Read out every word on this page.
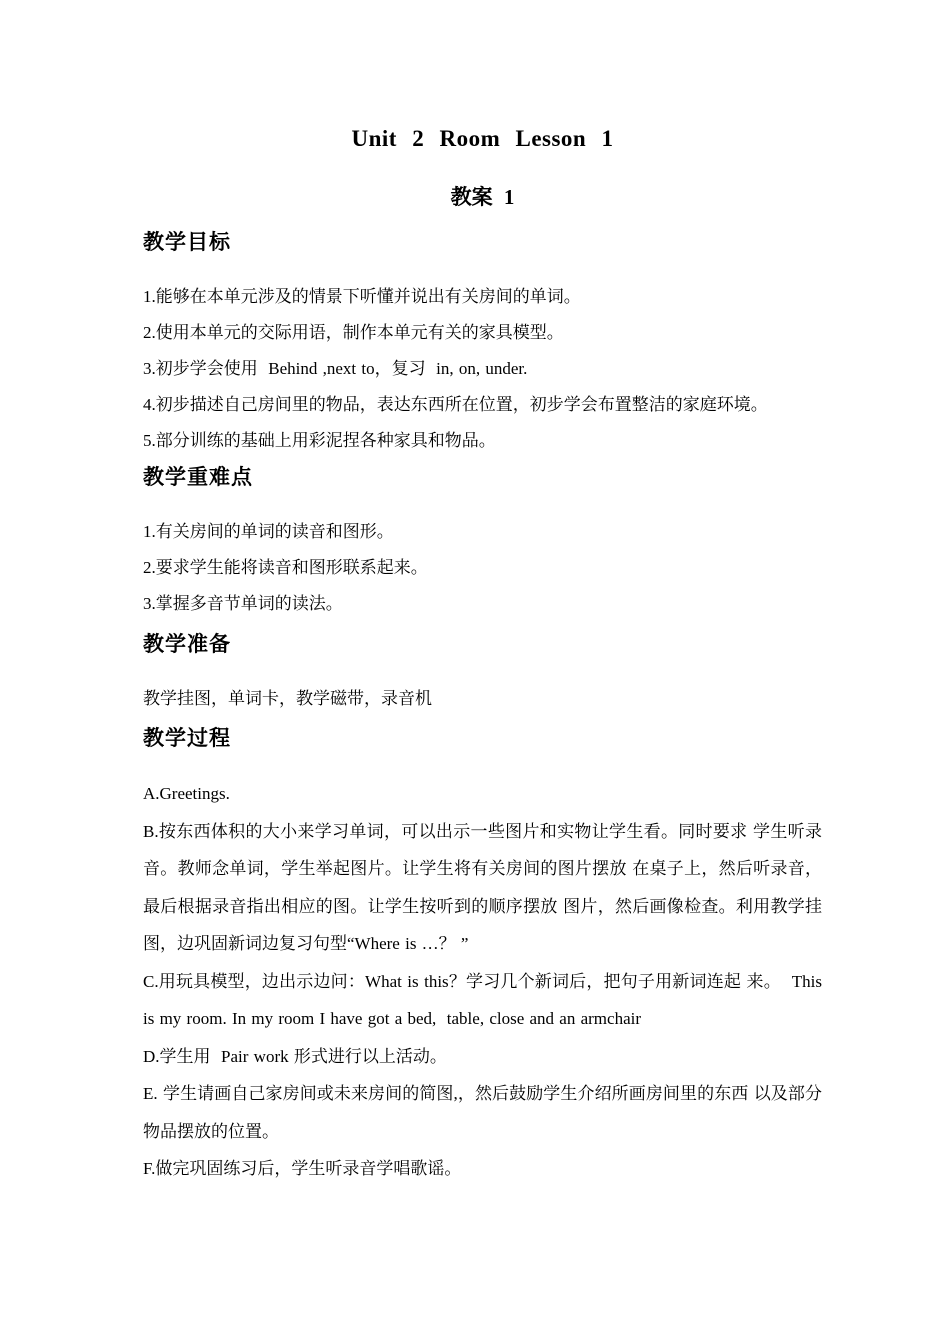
Unit 2 Room Lesson 1
教案 1
教学目标

1.能够在本单元涉及的情景下听懂并说出有关房间的单词。

2.使用本单元的交际用语，制作本单元有关的家具模型。

3.初步学会使用  Behind ,next to，复习  in, on, under.

4.初步描述自己房间里的物品，表达东西所在位置，初步学会布置整洁的家庭环境。

5.部分训练的基础上用彩泥捏各种家具和物品。

教学重难点

1.有关房间的单词的读音和图形。

2.要求学生能将读音和图形联系起来。

3.掌握多音节单词的读法。

教学准备

教学挂图，单词卡，教学磁带，录音机

教学过程

A.Greetings.

B.按东西体积的大小来学习单词，可以出示一些图片和实物让学生看。同时要求 学生听录音。教师念单词，学生举起图片。让学生将有关房间的图片摆放 在桌子上，然后听录音，最后根据录音指出相应的图。让学生按听到的顺序摆放 图片，然后画像检查。利用教学挂图，边巩固新词边复习句型“Where is …？ ”

C.用玩具模型，边出示边问：What is this？学习几个新词后，把句子用新词连起 来。  This is my room. In my room I have got a bed,  table, close and an armchair

D.学生用  Pair work 形式进行以上活动。

E. 学生请画自己家房间或未来房间的简图,，然后鼓励学生介绍所画房间里的东西 以及部分物品摆放的位置。

F.做完巩固练习后，学生听录音学唱歌谣。
